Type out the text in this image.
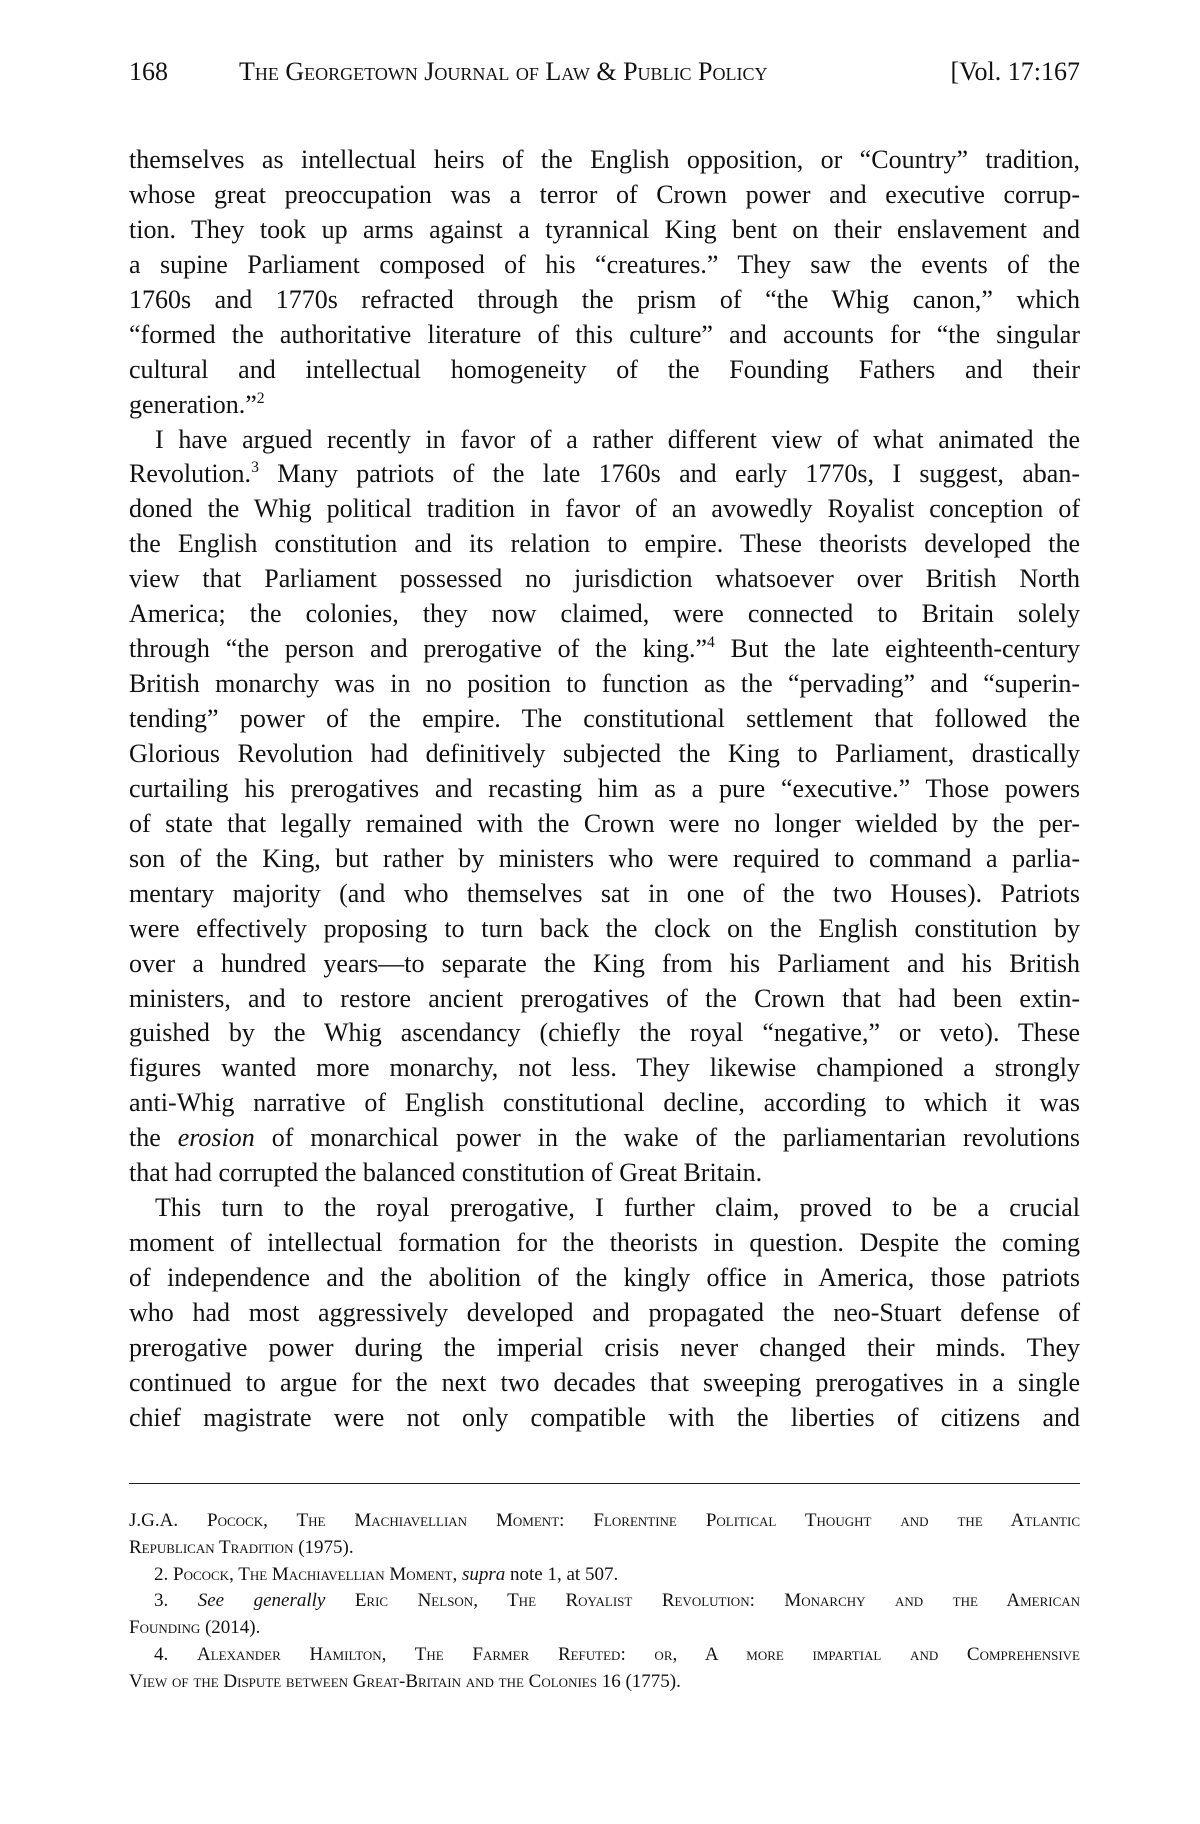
168	The Georgetown Journal of Law & Public Policy	[Vol. 17:167
themselves as intellectual heirs of the English opposition, or “Country” tradition,
whose great preoccupation was a terror of Crown power and executive corrup-
tion. They took up arms against a tyrannical King bent on their enslavement and
a supine Parliament composed of his “creatures.” They saw the events of the
1760s and 1770s refracted through the prism of “the Whig canon,” which
“formed the authoritative literature of this culture” and accounts for “the singular
cultural and intellectual homogeneity of the Founding Fathers and their
generation.”$^2$
I have argued recently in favor of a rather different view of what animated the
Revolution.$^3$ Many patriots of the late 1760s and early 1770s, I suggest, aban-
doned the Whig political tradition in favor of an avowedly Royalist conception of
the English constitution and its relation to empire. These theorists developed the
view that Parliament possessed no jurisdiction whatsoever over British North
America; the colonies, they now claimed, were connected to Britain solely
through “the person and prerogative of the king.”$^4$ But the late eighteenth-century
British monarchy was in no position to function as the “pervading” and “superin-
tending” power of the empire. The constitutional settlement that followed the
Glorious Revolution had definitively subjected the King to Parliament, drastically
curtailing his prerogatives and recasting him as a pure “executive.” Those powers
of state that legally remained with the Crown were no longer wielded by the per-
son of the King, but rather by ministers who were required to command a parlia-
mentary majority (and who themselves sat in one of the two Houses). Patriots
were effectively proposing to turn back the clock on the English constitution by
over a hundred years—to separate the King from his Parliament and his British
ministers, and to restore ancient prerogatives of the Crown that had been extin-
guished by the Whig ascendancy (chiefly the royal “negative,” or veto). These
figures wanted more monarchy, not less. They likewise championed a strongly
anti-Whig narrative of English constitutional decline, according to which it was
the erosion of monarchical power in the wake of the parliamentarian revolutions
that had corrupted the balanced constitution of Great Britain.
This turn to the royal prerogative, I further claim, proved to be a crucial
moment of intellectual formation for the theorists in question. Despite the coming
of independence and the abolition of the kingly office in America, those patriots
who had most aggressively developed and propagated the neo-Stuart defense of
prerogative power during the imperial crisis never changed their minds. They
continued to argue for the next two decades that sweeping prerogatives in a single
chief magistrate were not only compatible with the liberties of citizens and
J.G.A. Pocock, The Machiavellian Moment: Florentine Political Thought and the Atlantic
Republican Tradition (1975).
2. Pocock, The Machiavellian Moment, supra note 1, at 507.
3. See generally Eric Nelson, The Royalist Revolution: Monarchy and the American
Founding (2014).
4. Alexander Hamilton, The Farmer Refuted: or, A more impartial and Comprehensive
View of the Dispute between Great-Britain and the Colonies 16 (1775).
